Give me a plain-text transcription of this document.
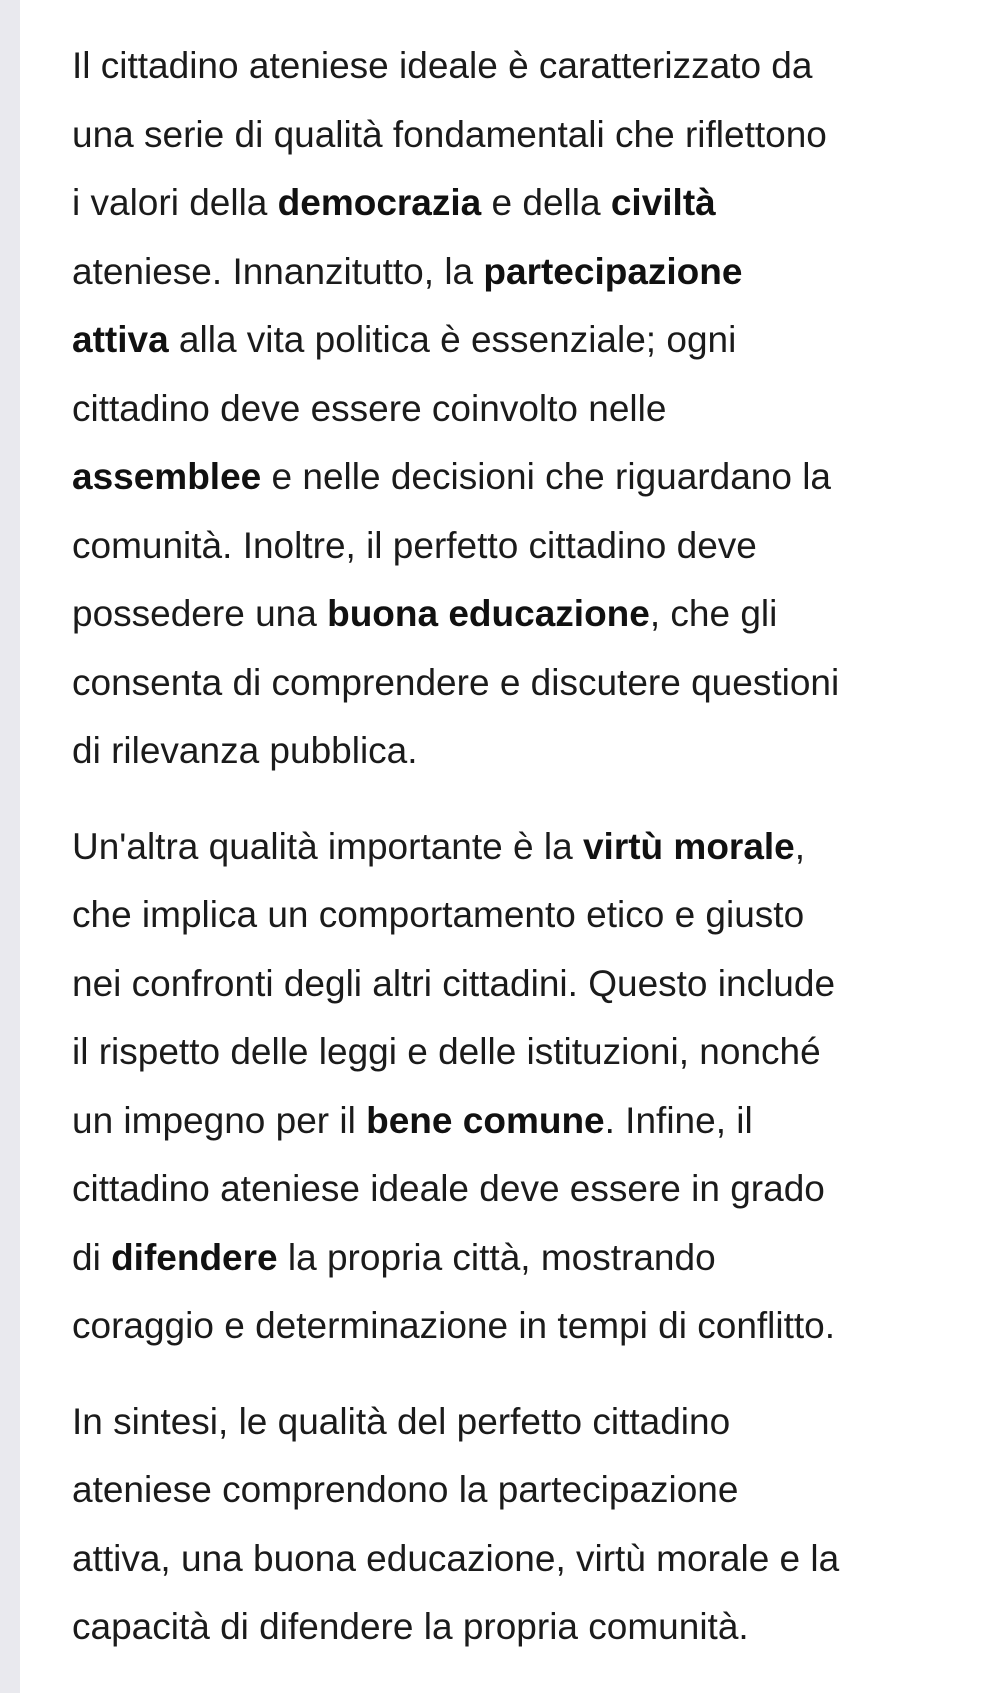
Il cittadino ateniese ideale è caratterizzato da
una serie di qualità fondamentali che riflettono
i valori della democrazia e della civiltà
ateniese. Innanzitutto, la partecipazione
attiva alla vita politica è essenziale; ogni
cittadino deve essere coinvolto nelle
assemblee e nelle decisioni che riguardano la
comunità. Inoltre, il perfetto cittadino deve
possedere una buona educazione, che gli
consenta di comprendere e discutere questioni
di rilevanza pubblica.

Un'altra qualità importante è la virtù morale,
che implica un comportamento etico e giusto
nei confronti degli altri cittadini. Questo include
il rispetto delle leggi e delle istituzioni, nonché
un impegno per il bene comune. Infine, il
cittadino ateniese ideale deve essere in grado
di difendere la propria città, mostrando
coraggio e determinazione in tempi di conflitto.

In sintesi, le qualità del perfetto cittadino
ateniese comprendono la partecipazione
attiva, una buona educazione, virtù morale e la
capacità di difendere la propria comunità.
